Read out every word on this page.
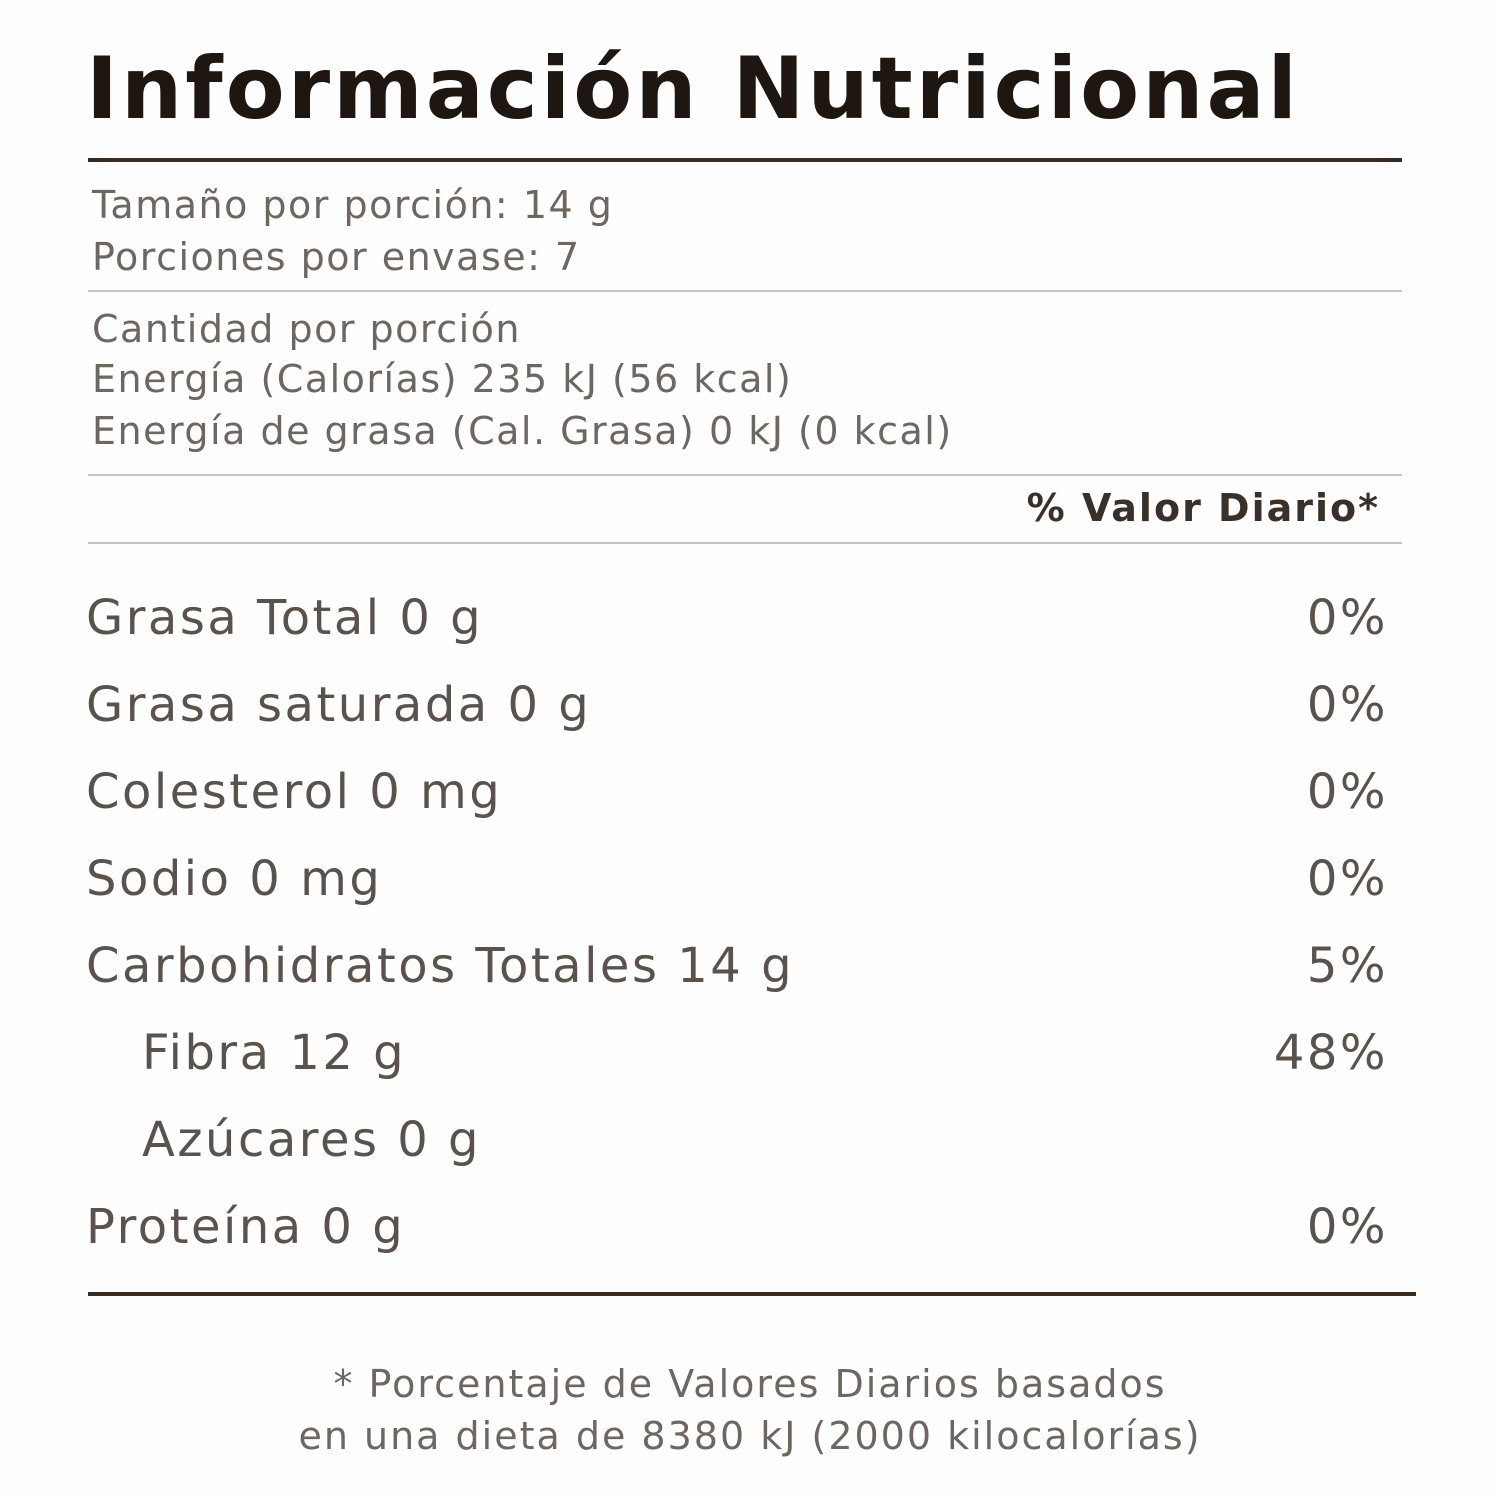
Información Nutricional
Tamaño por porción: 14 g
Porciones por envase: 7
Cantidad por porción
Energía (Calorías) 235 kJ (56 kcal)
Energía de grasa (Cal. Grasa) 0 kJ (0 kcal)
% Valor Diario*
Grasa Total 0 g	0%
Grasa saturada 0 g	0%
Colesterol 0 mg	0%
Sodio 0 mg	0%
Carbohidratos Totales 14 g	5%
Fibra 12 g	48%
Azúcares 0 g
Proteína 0 g	0%
* Porcentaje de Valores Diarios basados
en una dieta de 8380 kJ (2000 kilocalorías)
